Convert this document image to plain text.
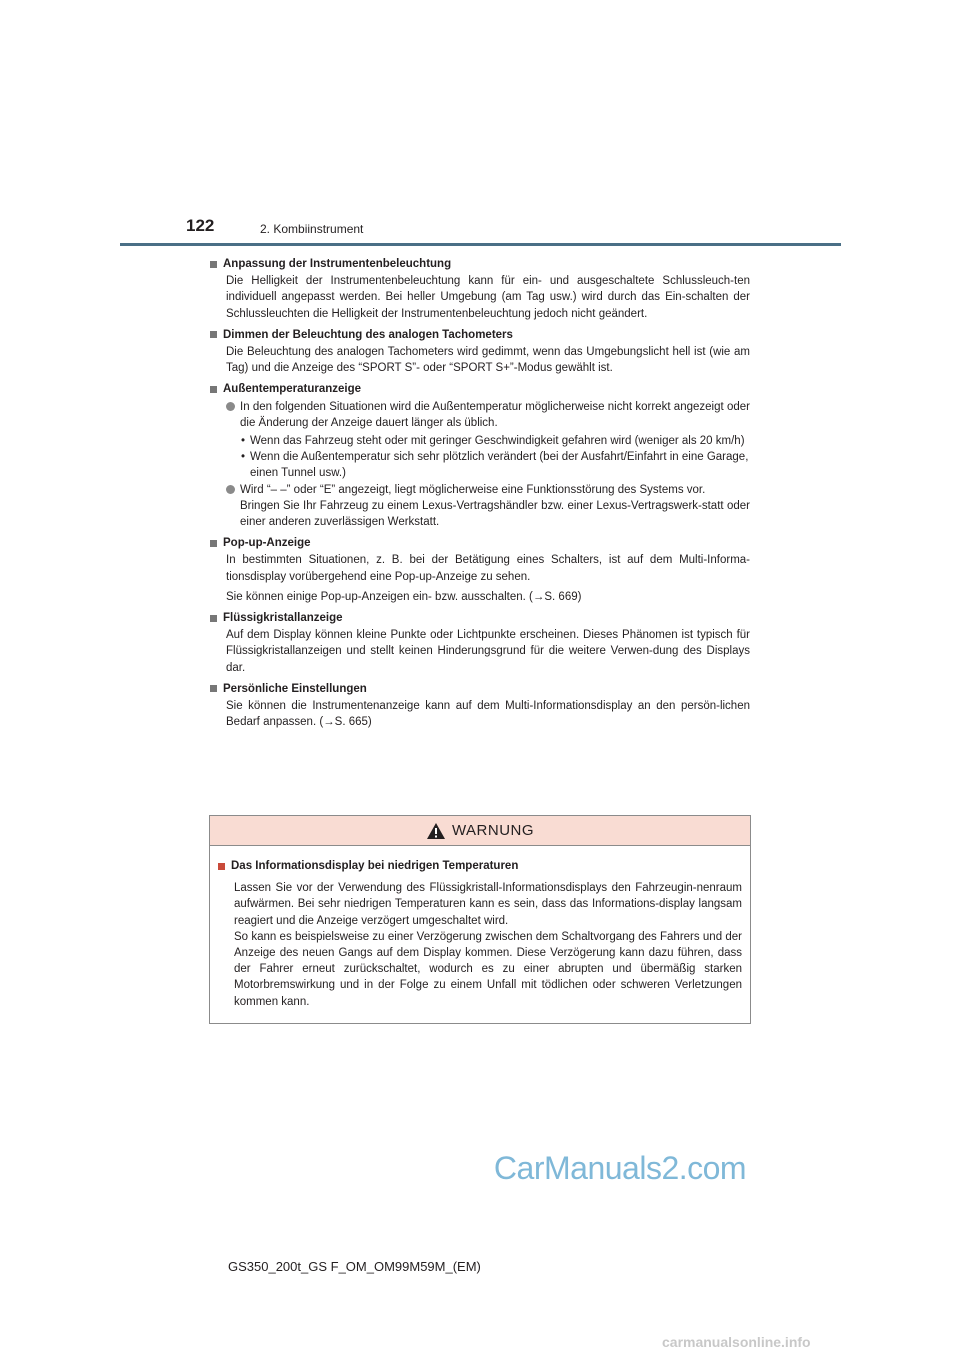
122	2. Kombiinstrument
Anpassung der Instrumentenbeleuchtung

Die Helligkeit der Instrumentenbeleuchtung kann für ein- und ausgeschaltete Schlussleuch-ten individuell angepasst werden. Bei heller Umgebung (am Tag usw.) wird durch das Ein-schalten der Schlussleuchten die Helligkeit der Instrumentenbeleuchtung jedoch nicht geändert.

Dimmen der Beleuchtung des analogen Tachometers

Die Beleuchtung des analogen Tachometers wird gedimmt, wenn das Umgebungslicht hell ist (wie am Tag) und die Anzeige des “SPORT S”- oder “SPORT S+”-Modus gewählt ist.

Außentemperaturanzeige
In den folgenden Situationen wird die Außentemperatur möglicherweise nicht korrekt angezeigt oder die Änderung der Anzeige dauert länger als üblich.
• Wenn das Fahrzeug steht oder mit geringer Geschwindigkeit gefahren wird (weniger als 20 km/h)
• Wenn die Außentemperatur sich sehr plötzlich verändert (bei der Ausfahrt/Einfahrt in eine Garage, einen Tunnel usw.)
Wird “– –” oder “E” angezeigt, liegt möglicherweise eine Funktionsstörung des Systems vor.
Bringen Sie Ihr Fahrzeug zu einem Lexus-Vertragshändler bzw. einer Lexus-Vertragswerk-statt oder einer anderen zuverlässigen Werkstatt.
Pop-up-Anzeige

In bestimmten Situationen, z. B. bei der Betätigung eines Schalters, ist auf dem Multi-Informa-tionsdisplay vorübergehend eine Pop-up-Anzeige zu sehen.

Sie können einige Pop-up-Anzeigen ein- bzw. ausschalten. (→S. 669)

Flüssigkristallanzeige

Auf dem Display können kleine Punkte oder Lichtpunkte erscheinen. Dieses Phänomen ist typisch für Flüssigkristallanzeigen und stellt keinen Hinderungsgrund für die weitere Verwen-dung des Displays dar.

Persönliche Einstellungen

Sie können die Instrumentenanzeige kann auf dem Multi-Informationsdisplay an den persön-lichen Bedarf anpassen. (→S. 665)

WARNUNG
Das Informationsdisplay bei niedrigen Temperaturen

Lassen Sie vor der Verwendung des Flüssigkristall-Informationsdisplays den Fahrzeugin-nenraum aufwärmen. Bei sehr niedrigen Temperaturen kann es sein, dass das Informations-display langsam reagiert und die Anzeige verzögert umgeschaltet wird.
So kann es beispielsweise zu einer Verzögerung zwischen dem Schaltvorgang des Fahrers und der Anzeige des neuen Gangs auf dem Display kommen. Diese Verzögerung kann dazu führen, dass der Fahrer erneut zurückschaltet, wodurch es zu einer abrupten und übermäßig starken Motorbremswirkung und in der Folge zu einem Unfall mit tödlichen oder schweren Verletzungen kommen kann.

CarManuals2.com
GS350_200t_GS F_OM_OM99M59M_(EM)
carmanualsonline.info
